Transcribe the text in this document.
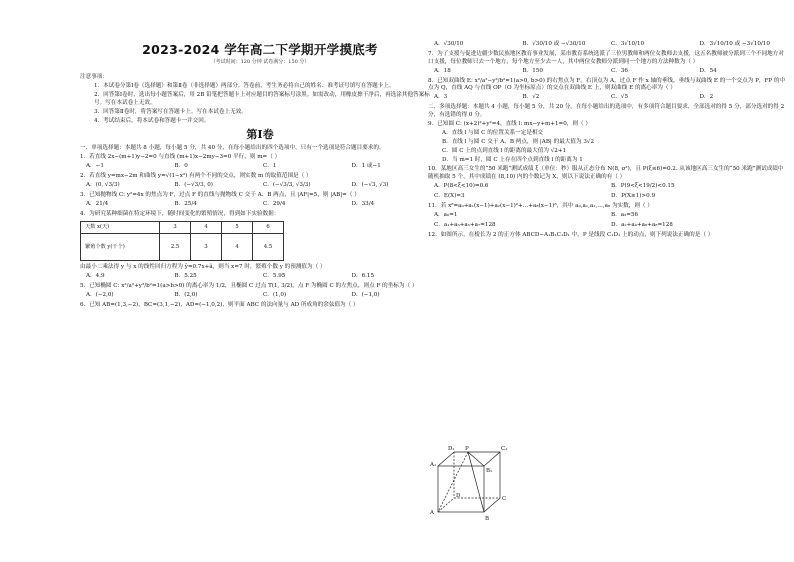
2023-2024 学年高二下学期开学摸底考
（考试时间：120 分钟 试卷满分：150 分）
注意事项：
1．本试卷分第Ⅰ卷（选择题）和第Ⅱ卷（非选择题）两部分。答卷前，考生务必将自己的姓名、准考证号填写在答题卡上。
2．回答第Ⅰ卷时，选出每小题答案后，用 2B 铅笔把答题卡上对应题目的答案标号涂黑。如需改动，用橡皮擦干净后，再选涂其他答案标号。写在本试卷上无效。
3．回答第Ⅱ卷时，将答案写在答题卡上。写在本试卷上无效。
4．考试结束后，将本试卷和答题卡一并交回。
第Ⅰ卷
一、单项选择题：本题共 8 小题，每小题 5 分，共 40 分，在每小题给出的四个选项中，只有一个选项是符合题目要求的。
1．若直线 2x−(m+1)y−2=0 与直线 (m+1)x−2my−3=0 平行，则 m=（ ）
A．−1	B．0	C．1	D．1 或−1
2．若直线 y=mx−2m 和曲线 y=√(1−x²) 有两个不同的交点，则实数 m 的取值范围是（ ）
A．(0, √3/3)	B．(−√3/3, 0)	C．(−√3/3, √3/3)	D．(−√3, √3)
3．已知抛物线 C: y²=4x 的焦点为 F，过点 F 的直线与抛物线 C 交于 A、B 两点，且 |AF|=5，则 |AB|=（ ）
A．21/4	B．25/4	C．29/4	D．33/4
4．为研究某种细菌在特定环境下，随时间变化的繁殖情况，得到如下实验数据：
天数 x(天)	3	4	5	6
繁殖个数 y(千个)	2.5	3	4	4.5
由最小二乘法得 y 与 x 的线性回归方程为 ŷ=0.7x+â，则当 x=7 时，繁殖个数 y 的预测值为（ ）
A．4.9	B．5.25	C．5.95	D．6.15
5．已知椭圆 C: x²/a²+y²/b²=1(a>b>0) 的离心率为 1/2，且椭圆 C 过点 T(1, 3/2)，点 F 为椭圆 C 的左焦点，则点 F 的坐标为（ ）
A．(−2,0)	B．(2,0)	C．(1,0)	D．(−1,0)
6．已知 AB=(1,3,−2)，BC=(3,1,−2)，AD=(−1,0,2)，则平面 ABC 的法向量与 AD 所成角的余弦值为（ ）
A．√30/10	B．√30/10 或 −√30/10	C．3√10/10	D．3√10/10 或 −3√10/10
7．为了支援与促进边疆少数民族地区教育事业发展，某市教育系统选派了三位男教师和两位女教师去支援，这五名教师被分派到三个不同地方对口支援，每位教师只去一个地方，每个地方至少去一人，其中两位女教师分派到同一个地方的方法种数为（ ）
A．18	B．150	C．36	D．54
8．已知双曲线 E: x²/a²−y²/b²=1(a>0, b>0) 的右焦点为 F，右顶点为 A，过点 F 作 x 轴的垂线，垂线与双曲线 E 的一个交点为 P，FP 的中点为 Q，直线 AQ 与直线 OP（O 为坐标原点）的交点在双曲线 E 上，则双曲线 E 的离心率为（ ）
A．3	B．√2	C．√5	D．2
二、多项选择题：本题共 4 小题，每小题 5 分，共 20 分。在每小题给出的选项中，有多项符合题目要求，全部选对的得 5 分，部分选对的得 2 分，有选错的得 0 分。
9．已知圆 C: (x+2)²+y²=4，直线 l: mx−y+m+1=0，则（ ）
A．直线 l 与圆 C 的位置关系一定是相交
B．直线 l 与圆 C 交于 A、B 两点，则 |AB| 的最大值为 3√2
C．圆 C 上的点到直线 l 的距离的最大值为 √2+1
D．当 m=1 时，圆 C 上存在四个点到直线 l 的距离为 1
10．某地区高三女生的“50 米跑”测试成绩 ξ（单位：秒）服从正态分布 N(8, σ²)，且 P(ξ≤6)=0.2. 从该地区高三女生的“50 米跑”测试成绩中随机抽取 5 个，其中成绩在 (8,10) 内的个数记为 X，则以下说法正确的有（ ）
A．P(8<ξ<10)=0.6	B．P(9<ξ<19/2)<0.15
C．E(X)=3	D．P(X≥1)>0.9
11．若 x⁸=a₀+a₁(x−1)+a₂(x−1)²+…+a₈(x−1)⁸，其中 a₀,a₁,a₂,…,a₈ 为实数，则（ ）
A．a₀=1	B．a₃=56
C．a₁+a₃+a₅+a₇=128	D．a₂+a₄+a₆+a₈=128
12．如图所示，在棱长为 2 的正方体 ABCD−A₁B₁C₁D₁ 中，P 是线段 C₁D₁ 上的动点，则下列说法正确的是（ ）
D₁ P	C₁
A₁
B₁
D	C
A
B
